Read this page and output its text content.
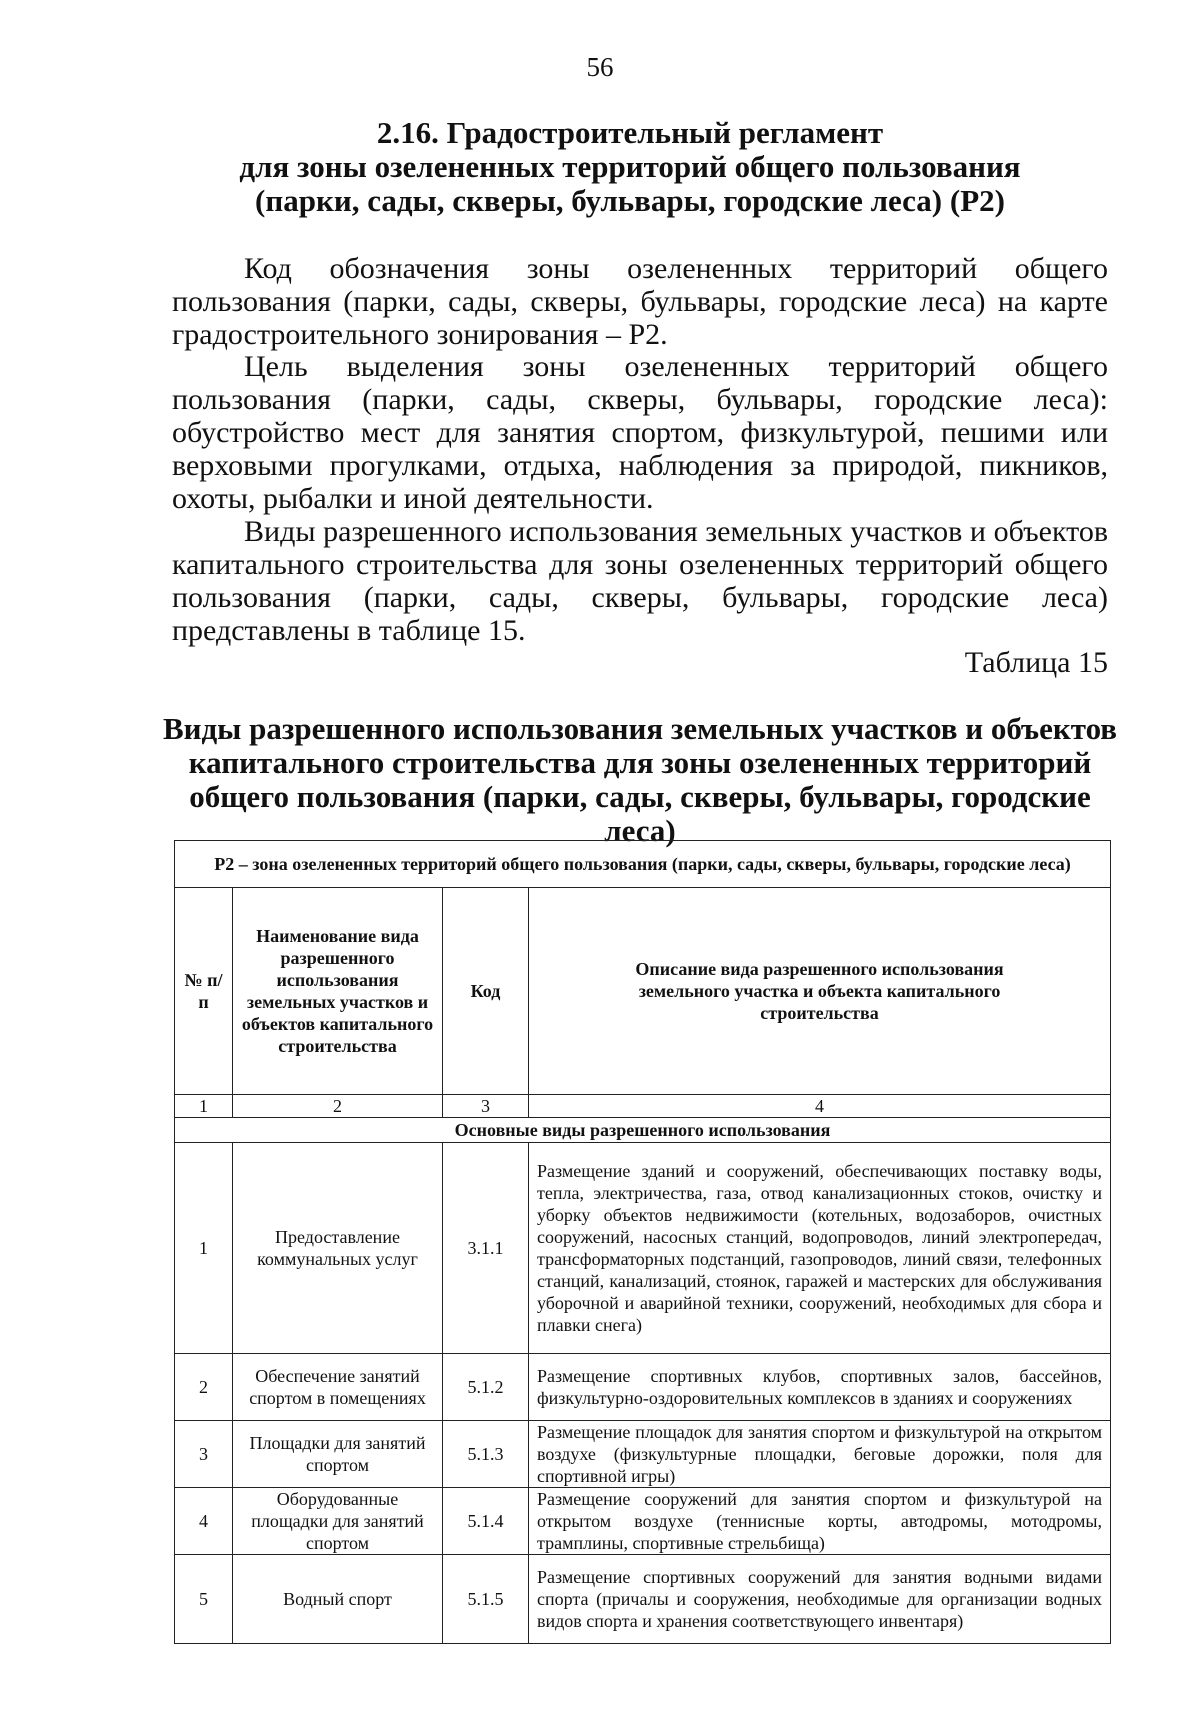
56
2.16. Градостроительный регламент
для зоны озелененных территорий общего пользования
(парки, сады, скверы, бульвары, городские леса) (Р2)

Код обозначения зоны озелененных территорий общего пользования (парки, сады, скверы, бульвары, городские леса) на карте градостроительного зонирования – Р2.

Цель выделения зоны озелененных территорий общего пользования (парки, сады, скверы, бульвары, городские леса): обустройство мест для занятия спортом, физкультурой, пешими или верховыми прогулками, отдыха, наблюдения за природой, пикников, охоты, рыбалки и иной деятельности.

Виды разрешенного использования земельных участков и объектов капитального строительства для зоны озелененных территорий общего пользования (парки, сады, скверы, бульвары, городские леса) представлены в таблице 15.

Таблица 15
Виды разрешенного использования земельных участков и объектов
капитального строительства для зоны озелененных территорий
общего пользования (парки, сады, скверы, бульвары, городские леса)
Р2 – зона озелененных территорий общего пользования (парки, сады, скверы, бульвары, городские леса)			
№ п/п	Наименование вида разрешенного использования земельных участков и объектов капитального строительства	Код	Описание вида разрешенного использования земельного участка и объекта капитального строительства
1	2	3	4
Основные виды разрешенного использования			
1	Предоставление коммунальных услуг	3.1.1	Размещение зданий и сооружений, обеспечивающих поставку воды, тепла, электричества, газа, отвод канализационных стоков, очистку и уборку объектов недвижимости (котельных, водозаборов, очистных сооружений, насосных станций, водопроводов, линий электропередач, трансформаторных подстанций, газопроводов, линий связи, телефонных станций, канализаций, стоянок, гаражей и мастерских для обслуживания уборочной и аварийной техники, сооружений, необходимых для сбора и плавки снега)
2	Обеспечение занятий спортом в помещениях	5.1.2	Размещение спортивных клубов, спортивных залов, бассейнов, физкультурно-оздоровительных комплексов в зданиях и сооружениях
3	Площадки для занятий спортом	5.1.3	Размещение площадок для занятия спортом и физкультурой на открытом воздухе (физкультурные площадки, беговые дорожки, поля для спортивной игры)
4	Оборудованные площадки для занятий спортом	5.1.4	Размещение сооружений для занятия спортом и физкультурой на открытом воздухе (теннисные корты, автодромы, мотодромы, трамплины, спортивные стрельбища)
5	Водный спорт	5.1.5	Размещение спортивных сооружений для занятия водными видами спорта (причалы и сооружения, необходимые для организации водных видов спорта и хранения соответствующего инвентаря)
